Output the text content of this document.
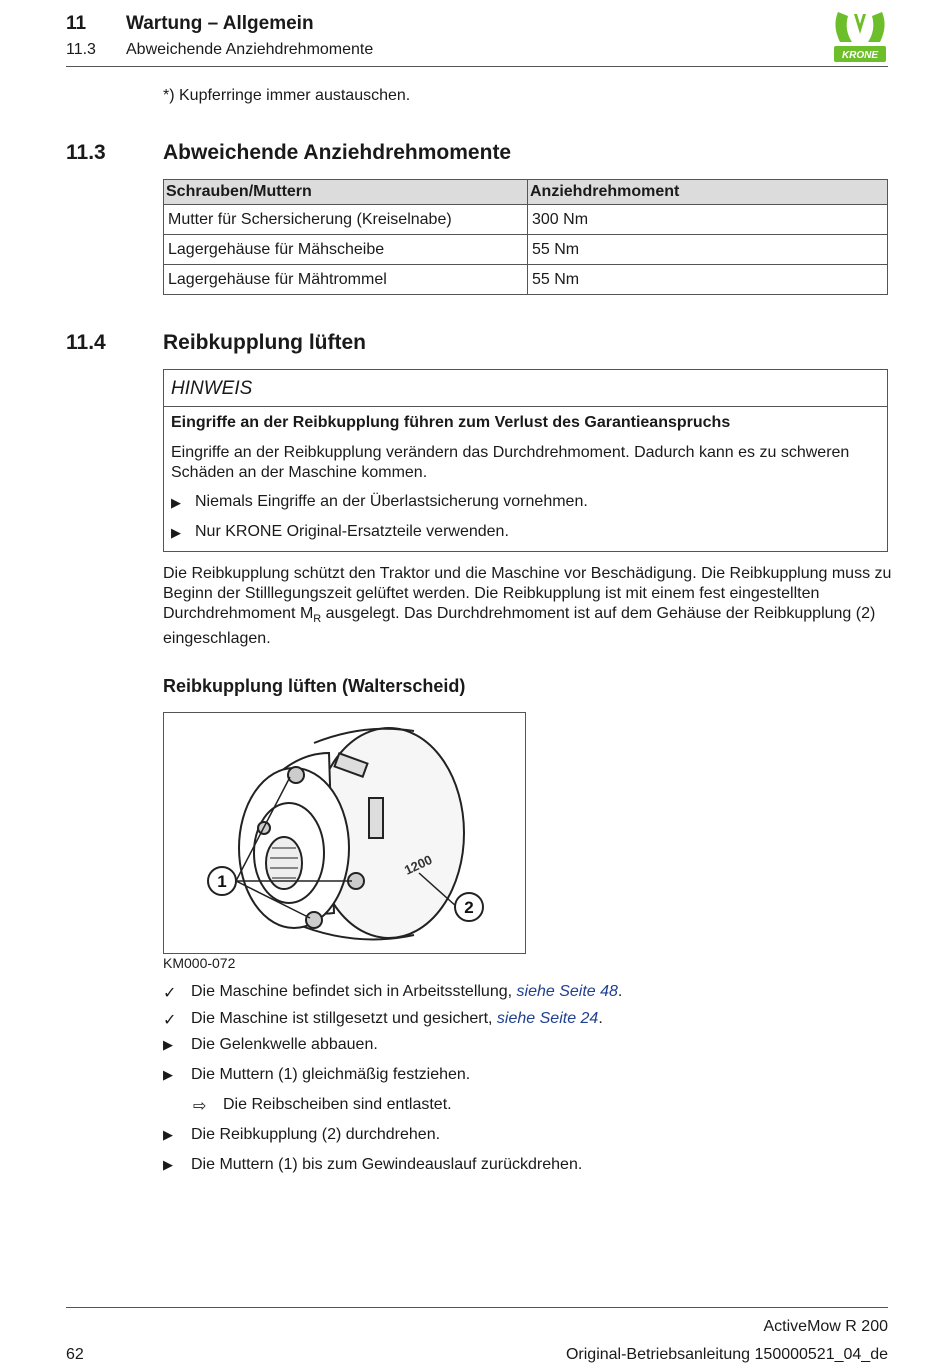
11 Wartung – Allgemein
11.3 Abweichende Anziehdrehmomente	KRONE
*) Kupferringe immer austauschen.
11.3	Abweichende Anziehdrehmomente
Schrauben/Muttern	Anziehdrehmoment
Mutter für Schersicherung (Kreiselnabe)	300 Nm
Lagergehäuse für Mähscheibe	55 Nm
Lagergehäuse für Mähtrommel	55 Nm
11.4	Reibkupplung lüften
HINWEIS
Eingriffe an der Reibkupplung führen zum Verlust des Garantieanspruchs
Eingriffe an der Reibkupplung verändern das Durchdrehmoment. Dadurch kann es zu schweren Schäden an der Maschine kommen.
▶ Niemals Eingriffe an der Überlastsicherung vornehmen.
▶ Nur KRONE Original-Ersatzteile verwenden.
Die Reibkupplung schützt den Traktor und die Maschine vor Beschädigung. Die Reibkupplung muss zu Beginn der Stilllegungszeit gelüftet werden. Die Reibkupplung ist mit einem fest eingestellten Durchdrehmoment $M_R$ ausgelegt. Das Durchdrehmoment ist auf dem Gehäuse der Reibkupplung (2) eingeschlagen.
Reibkupplung lüften (Walterscheid)
1
2
1200
KM000-072
✓ Die Maschine befindet sich in Arbeitsstellung, siehe Seite 48.
✓ Die Maschine ist stillgesetzt und gesichert, siehe Seite 24.
▶	Die Gelenkwelle abbauen.
▶	Die Muttern (1) gleichmäßig festziehen.
⇨	Die Reibscheiben sind entlastet.
▶	Die Reibkupplung (2) durchdrehen.
▶	Die Muttern (1) bis zum Gewindeauslauf zurückdrehen.
ActiveMow R 200
62	Original-Betriebsanleitung 150000521_04_de
